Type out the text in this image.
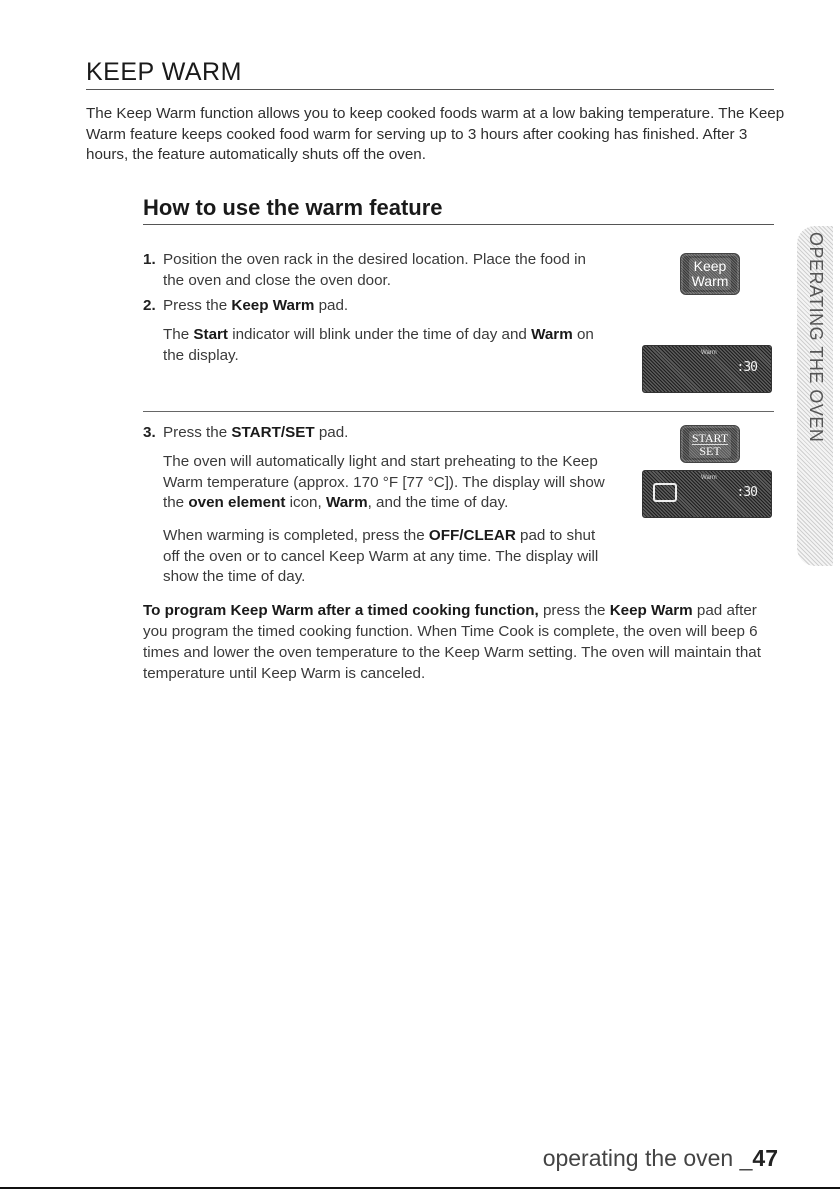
KEEP WARM

The Keep Warm function allows you to keep cooked foods warm at a low baking temperature. The Keep Warm feature keeps cooked food warm for serving up to 3 hours after cooking has finished. After 3 hours, the feature automatically shuts off the oven.

How to use the warm feature
1. Position the oven rack in the desired location. Place the food in the oven and close the oven door.
2. Press the Keep Warm pad.
The Start indicator will blink under the time of day and Warm on the display.
3. Press the START/SET pad.
The oven will automatically light and start preheating to the Keep Warm temperature (approx. 170 °F [77 °C]). The display will show the oven element icon, Warm, and the time of day.
When warming is completed, press the OFF/CLEAR pad to shut off the oven or to cancel Keep Warm at any time. The display will show the time of day.
To program Keep Warm after a timed cooking function, press the Keep Warm pad after you program the timed cooking function. When Time Cook is complete, the oven will beep 6 times and lower the oven temperature to the Keep Warm setting. The oven will maintain that temperature until Keep Warm is canceled.
Keep
Warm
Warm
:30
START
SET
Warm
:30
OPERATING THE OVEN
operating the oven _47
